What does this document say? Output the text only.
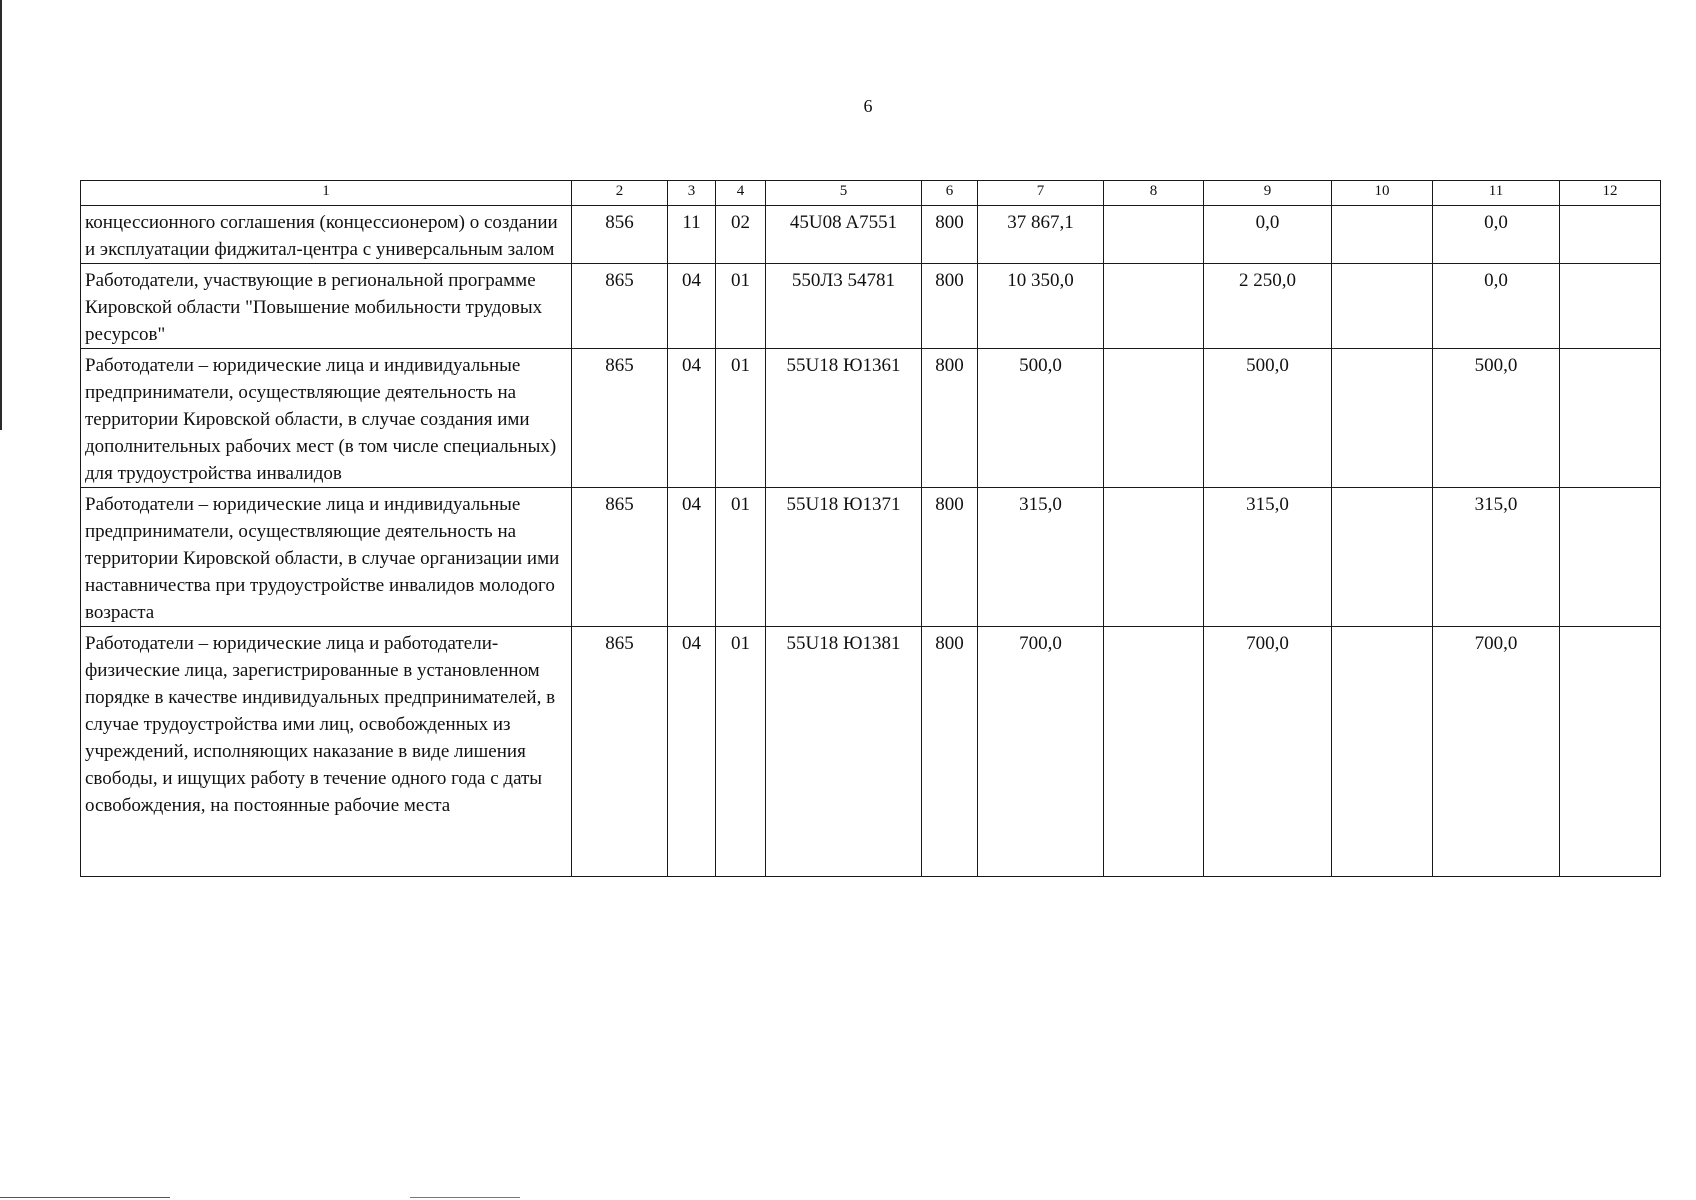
6
1	2	3	4	5	6	7	8	9	10	11	12
концессионного соглашения (концессионером) о создании и эксплуатации фиджитал-центра с универсальным залом	856	11	02	45U08 A7551	800	37 867,1		0,0		0,0	
Работодатели, участвующие в региональной программе Кировской области "Повышение мобильности трудовых ресурсов"	865	04	01	550Л3 54781	800	10 350,0		2 250,0		0,0	
Работодатели – юридические лица и индивидуальные предприниматели, осуществляющие деятельность на территории Кировской области, в случае создания ими дополнительных рабочих мест (в том числе специальных) для трудоустройства инвалидов	865	04	01	55U18 Ю1361	800	500,0		500,0		500,0	
Работодатели – юридические лица и индивидуальные предприниматели, осуществляющие деятельность на территории Кировской области, в случае организации ими наставничества при трудоустройстве инвалидов молодого возраста	865	04	01	55U18 Ю1371	800	315,0		315,0		315,0	
Работодатели – юридические лица и работодатели-физические лица, зарегистрированные в установленном порядке в качестве индивидуальных предпринимателей, в случае трудоустройства ими лиц, освобожденных из учреждений, исполняющих наказание в виде лишения свободы, и ищущих работу в течение одного года с даты освобождения, на постоянные рабочие места	865	04	01	55U18 Ю1381	800	700,0		700,0		700,0	
